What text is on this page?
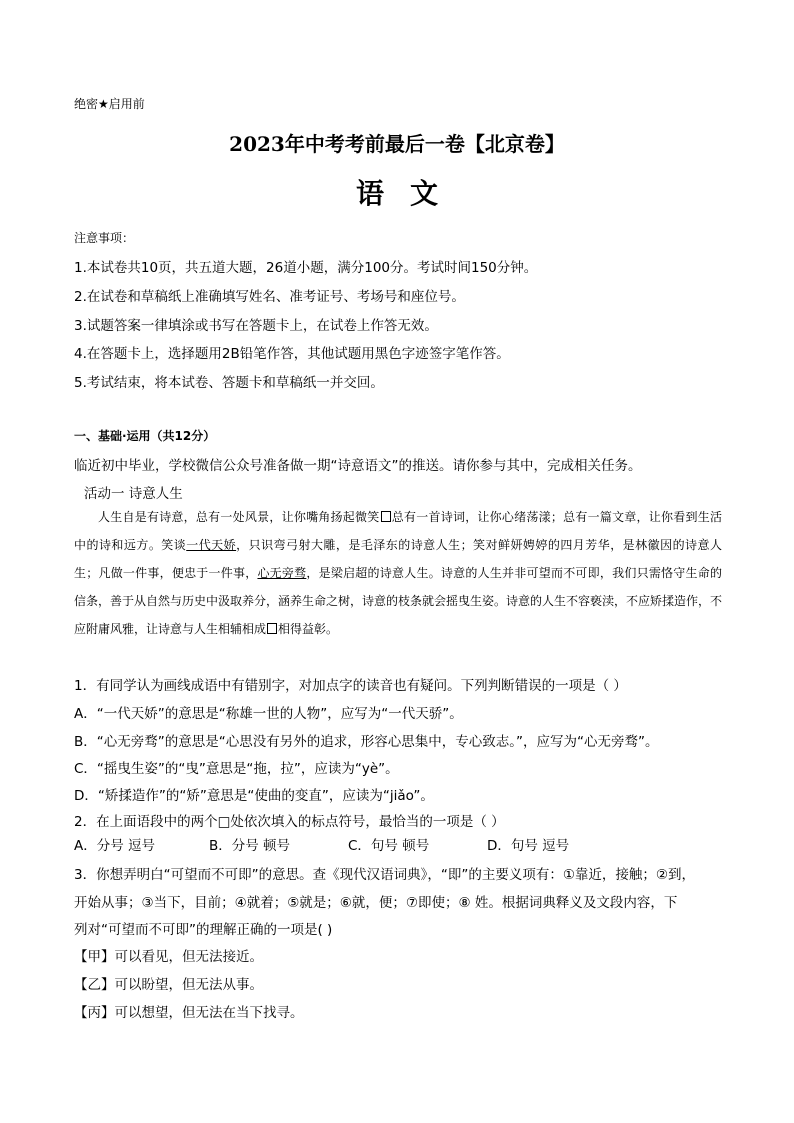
绝密★启用前
2023年中考考前最后一卷【北京卷】
语文
注意事项：
1.本试卷共10页，共五道大题，26道小题，满分100分。考试时间150分钟。
2.在试卷和草稿纸上准确填写姓名、准考证号、考场号和座位号。
3.试题答案一律填涂或书写在答题卡上，在试卷上作答无效。
4.在答题卡上，选择题用2B铅笔作答，其他试题用黑色字迹签字笔作答。
5.考试结束，将本试卷、答题卡和草稿纸一并交回。
一、基础·运用（共12分）
临近初中毕业，学校微信公众号准备做一期“诗意语文”的推送。请你参与其中，完成相关任务。
活动一 诗意人生
人生自是有诗意，总有一处风景，让你嘴角扬起微笑 总有一首诗词，让你心绪荡漾；总有一篇文章，让你看到生活中的诗和远方。笑谈一代天娇，只识弯弓射大雕，是毛泽东的诗意人生；笑对鲜妍娉婷的四月芳华，是林徽因的诗意人生；凡做一件事，便忠于一件事，心无旁骛，是梁启超的诗意人生。诗意的人生并非可望而不可即，我们只需恪守生命的信条，善于从自然与历史中汲取养分，涵养生命之树，诗意的枝条就会摇曳生姿。诗意的人生不容亵渎，不应矫揉造作，不应附庸风雅，让诗意与人生相辅相成 相得益彰。
1．有同学认为画线成语中有错别字，对加点字的读音也有疑问。下列判断错误的一项是（ ）
A．“一代天娇”的意思是“称雄一世的人物”，应写为“一代天骄”。
B．“心无旁骛”的意思是“心思没有另外的追求，形容心思集中，专心致志。”，应写为“心无旁骛”。
C．“摇曳生姿”的“曳”意思是“拖，拉”，应读为“yè”。
D．“矫揉造作”的“矫”意思是“使曲的变直”，应读为“jiǎo”。
2．在上面语段中的两个□处依次填入的标点符号，最恰当的一项是（ ）
A．分号 逗号	B．分号 顿号	C．句号 顿号	D．句号 逗号
3．你想弄明白“可望而不可即”的意思。查《现代汉语词典》，“即”的主要义项有：①靠近，接触；②到，
开始从事；③当下，目前；④就着；⑤就是；⑥就，便；⑦即使；⑧ 姓。根据词典释义及文段内容，下
列对“可望而不可即”的理解正确的一项是( )
【甲】可以看见，但无法接近。
【乙】可以盼望，但无法从事。
【丙】可以想望，但无法在当下找寻。
